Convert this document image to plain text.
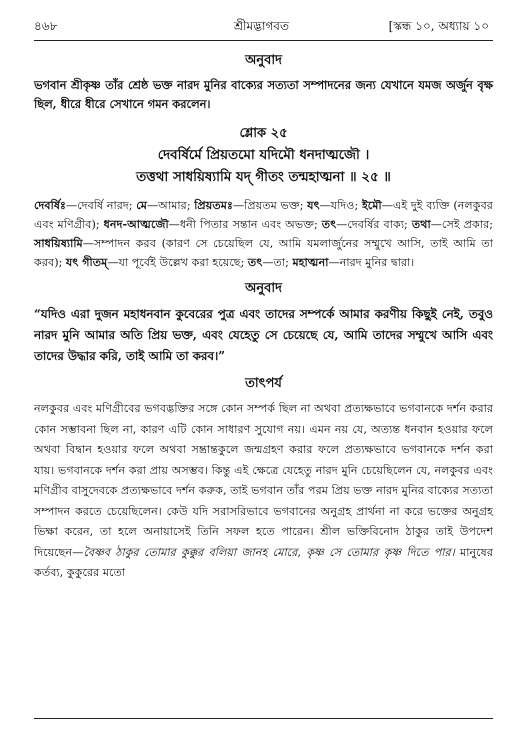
৪৬৮	শ্রীমদ্ভাগবত	[স্কন্ধ ১০, অধ্যায় ১০
অনুবাদ

ভগবান শ্রীকৃষ্ণ তাঁর শ্রেষ্ঠ ভক্ত নারদ মুনির বাক্যের সত্যতা সম্পাদনের জন্য যেখানে যমজ অর্জুন বৃক্ষ ছিল, ধীরে ধীরে সেখানে গমন করলেন।

শ্লোক ২৫
দেবর্ষির্মে প্রিয়তমো যদিমৌ ধনদাত্মজৌ ।
তত্তথা সাধয়িষ্যামি যদ্ গীতং তন্মহাত্মনা ॥ ২৫ ॥
দেবর্ষিঃ—দেবর্ষি নারদ; মে—আমার; প্রিয়তমঃ—প্রিয়তম ভক্ত; যৎ—যদিও; ইমৌ—এই দুই ব্যক্তি (নলকুবর এবং মণিগ্রীব); ধনদ-আত্মজৌ—ধনী পিতার সন্তান এবং অভক্ত; তৎ—দেবর্ষির বাক্য; তথা—সেই প্রকার; সাধয়িষ্যামি—সম্পাদন করব (কারণ সে চেয়েছিল যে, আমি যমলার্জুনের সম্মুখে আসি, তাই আমি তা করব); যৎ গীতম্—যা পূর্বেই উল্লেখ করা হয়েছে; তৎ—তা; মহাত্মনা—নারদ মুনির দ্বারা।
অনুবাদ
“যদিও এরা দুজন মহাধনবান কুবেরের পুত্র এবং তাদের সম্পর্কে আমার করণীয় কিছুই নেই, তবুও নারদ মুনি আমার অতি প্রিয় ভক্ত, এবং যেহেতু সে চেয়েছে যে, আমি তাদের সম্মুখে আসি এবং তাদের উদ্ধার করি, তাই আমি তা করব।”
তাৎপর্য
নলকুবর এবং মণিগ্রীবের ভগবদ্ভক্তির সঙ্গে কোন সম্পর্ক ছিল না অথবা প্রত্যক্ষভাবে ভগবানকে দর্শন করার কোন সম্ভাবনা ছিল না, কারণ এটি কোন সাধারণ সুযোগ নয়। এমন নয় যে, অত্যন্ত ধনবান হওয়ার ফলে অথবা বিদ্বান হওয়ার ফলে অথবা সম্ভ্রান্তকুলে জন্মগ্রহণ করার ফলে প্রত্যক্ষভাবে ভগবানকে দর্শন করা যায়। ভগবানকে দর্শন করা প্রায় অসম্ভব। কিন্তু এই ক্ষেত্রে যেহেতু নারদ মুনি চেয়েছিলেন যে, নলকুবর এবং মণিগ্রীব বাসুদেবকে প্রত্যক্ষভাবে দর্শন করুক, তাই ভগবান তাঁর পরম প্রিয় ভক্ত নারদ মুনির বাক্যের সত্যতা সম্পাদন করতে চেয়েছিলেন। কেউ যদি সরাসরিভাবে ভগবানের অনুগ্রহ প্রার্থনা না করে ভক্তের অনুগ্রহ ভিক্ষা করেন, তা হলে অনায়াসেই তিনি সফল হতে পারেন। শ্রীল ভক্তিবিনোদ ঠাকুর তাই উপদেশ দিয়েছেন—বৈষ্ণব ঠাকুর তোমার কুক্কুর বলিয়া জানহ মোরে, কৃষ্ণ সে তোমার কৃষ্ণ দিতে পার। মানুষের কর্তব্য, কুকুরের মতো
